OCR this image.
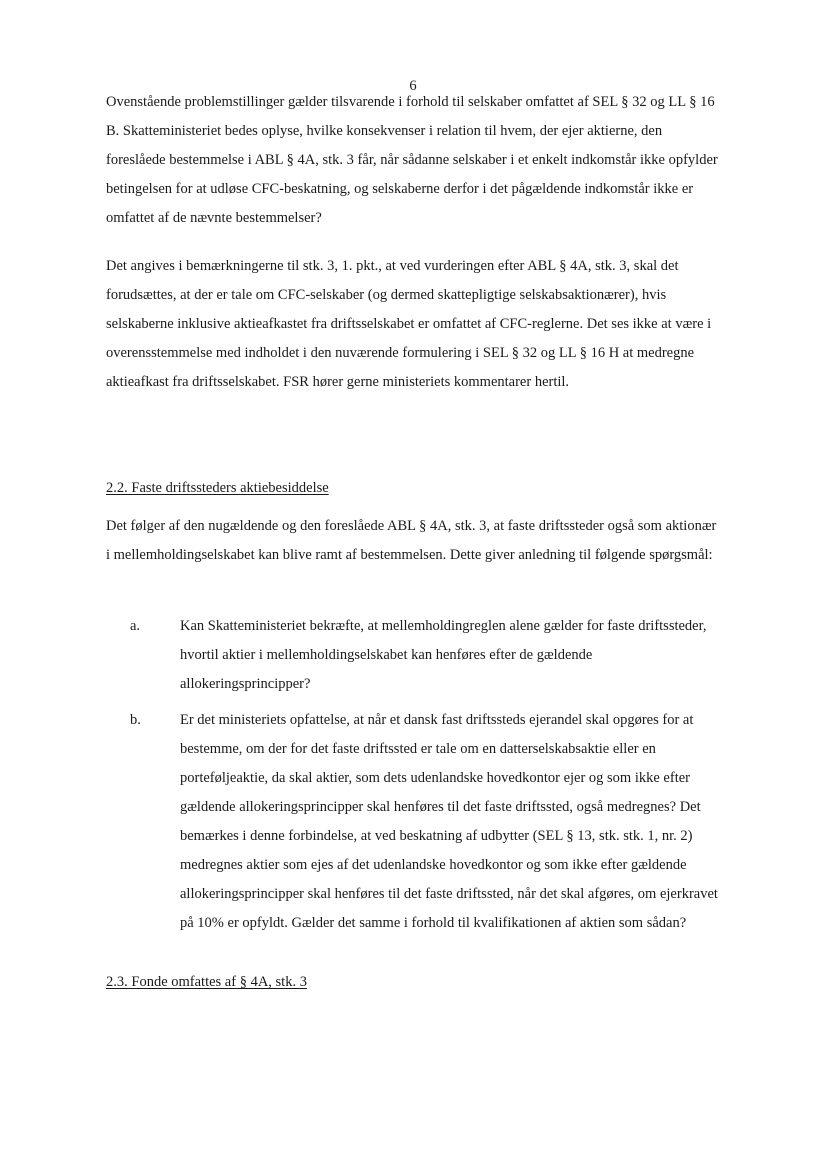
6

Ovenstående problemstillinger gælder tilsvarende i forhold til selskaber omfattet af SEL § 32 og LL § 16 B. Skatteministeriet bedes oplyse, hvilke konsekvenser i relation til hvem, der ejer aktierne, den foreslåede bestemmelse i ABL § 4A, stk. 3 får, når sådanne selskaber i et enkelt indkomstår ikke opfylder betingelsen for at udløse CFC-beskatning, og selskaberne derfor i det pågældende indkomstår ikke er omfattet af de nævnte bestemmelser?

Det angives i bemærkningerne til stk. 3, 1. pkt., at ved vurderingen efter ABL § 4A, stk. 3, skal det forudsættes, at der er tale om CFC-selskaber (og dermed skattepligtige selskabsaktionærer), hvis selskaberne inklusive aktieafkastet fra driftsselskabet er omfattet af CFC-reglerne. Det ses ikke at være i overensstemmelse med indholdet i den nuværende formulering i SEL § 32 og LL § 16 H at medregne aktieafkast fra driftsselskabet. FSR hører gerne ministeriets kommentarer hertil.

2.2. Faste driftssteders aktiebesiddelse

Det følger af den nugældende og den foreslåede ABL § 4A, stk. 3, at faste driftssteder også som aktionær i mellemholdingselskabet kan blive ramt af bestemmelsen. Dette giver anledning til følgende spørgsmål:

a.	Kan Skatteministeriet bekræfte, at mellemholdingreglen alene gælder for faste driftssteder, hvortil aktier i mellemholdingselskabet kan henføres efter de gældende allokeringsprincipper?
b.	Er det ministeriets opfattelse, at når et dansk fast driftssteds ejerandel skal opgøres for at bestemme, om der for det faste driftssted er tale om en datterselskabsaktie eller en porteføljeaktie, da skal aktier, som dets udenlandske hovedkontor ejer og som ikke efter gældende allokeringsprincipper skal henføres til det faste driftssted, også medregnes? Det bemærkes i denne forbindelse, at ved beskatning af udbytter (SEL § 13, stk. stk. 1, nr. 2) medregnes aktier som ejes af det udenlandske hovedkontor og som ikke efter gældende allokeringsprincipper skal henføres til det faste driftssted, når det skal afgøres, om ejerkravet på 10% er opfyldt. Gælder det samme i forhold til kvalifikationen af aktien som sådan?
2.3. Fonde omfattes af § 4A, stk. 3
